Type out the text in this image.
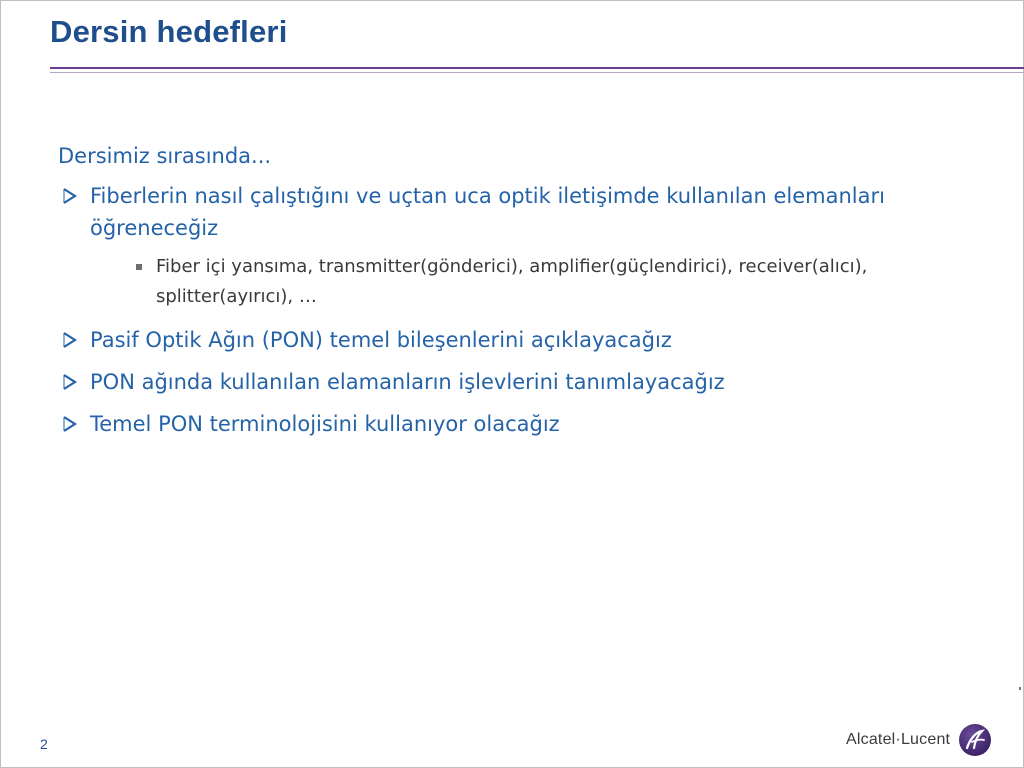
Dersin hedefleri
Dersimiz sırasında...
Fiberlerin nasıl çalıştığını ve uçtan uca optik iletişimde kullanılan elemanları öğreneceğiz
Fiber içi yansıma, transmitter(gönderici), amplifier(güçlendirici), receiver(alıcı), splitter(ayırıcı), …
Pasif Optik Ağın (PON) temel bileşenlerini açıklayacağız
PON ağında kullanılan elamanların işlevlerini tanımlayacağız
Temel PON terminolojisini kullanıyor olacağız
2	Alcatel·Lucent
